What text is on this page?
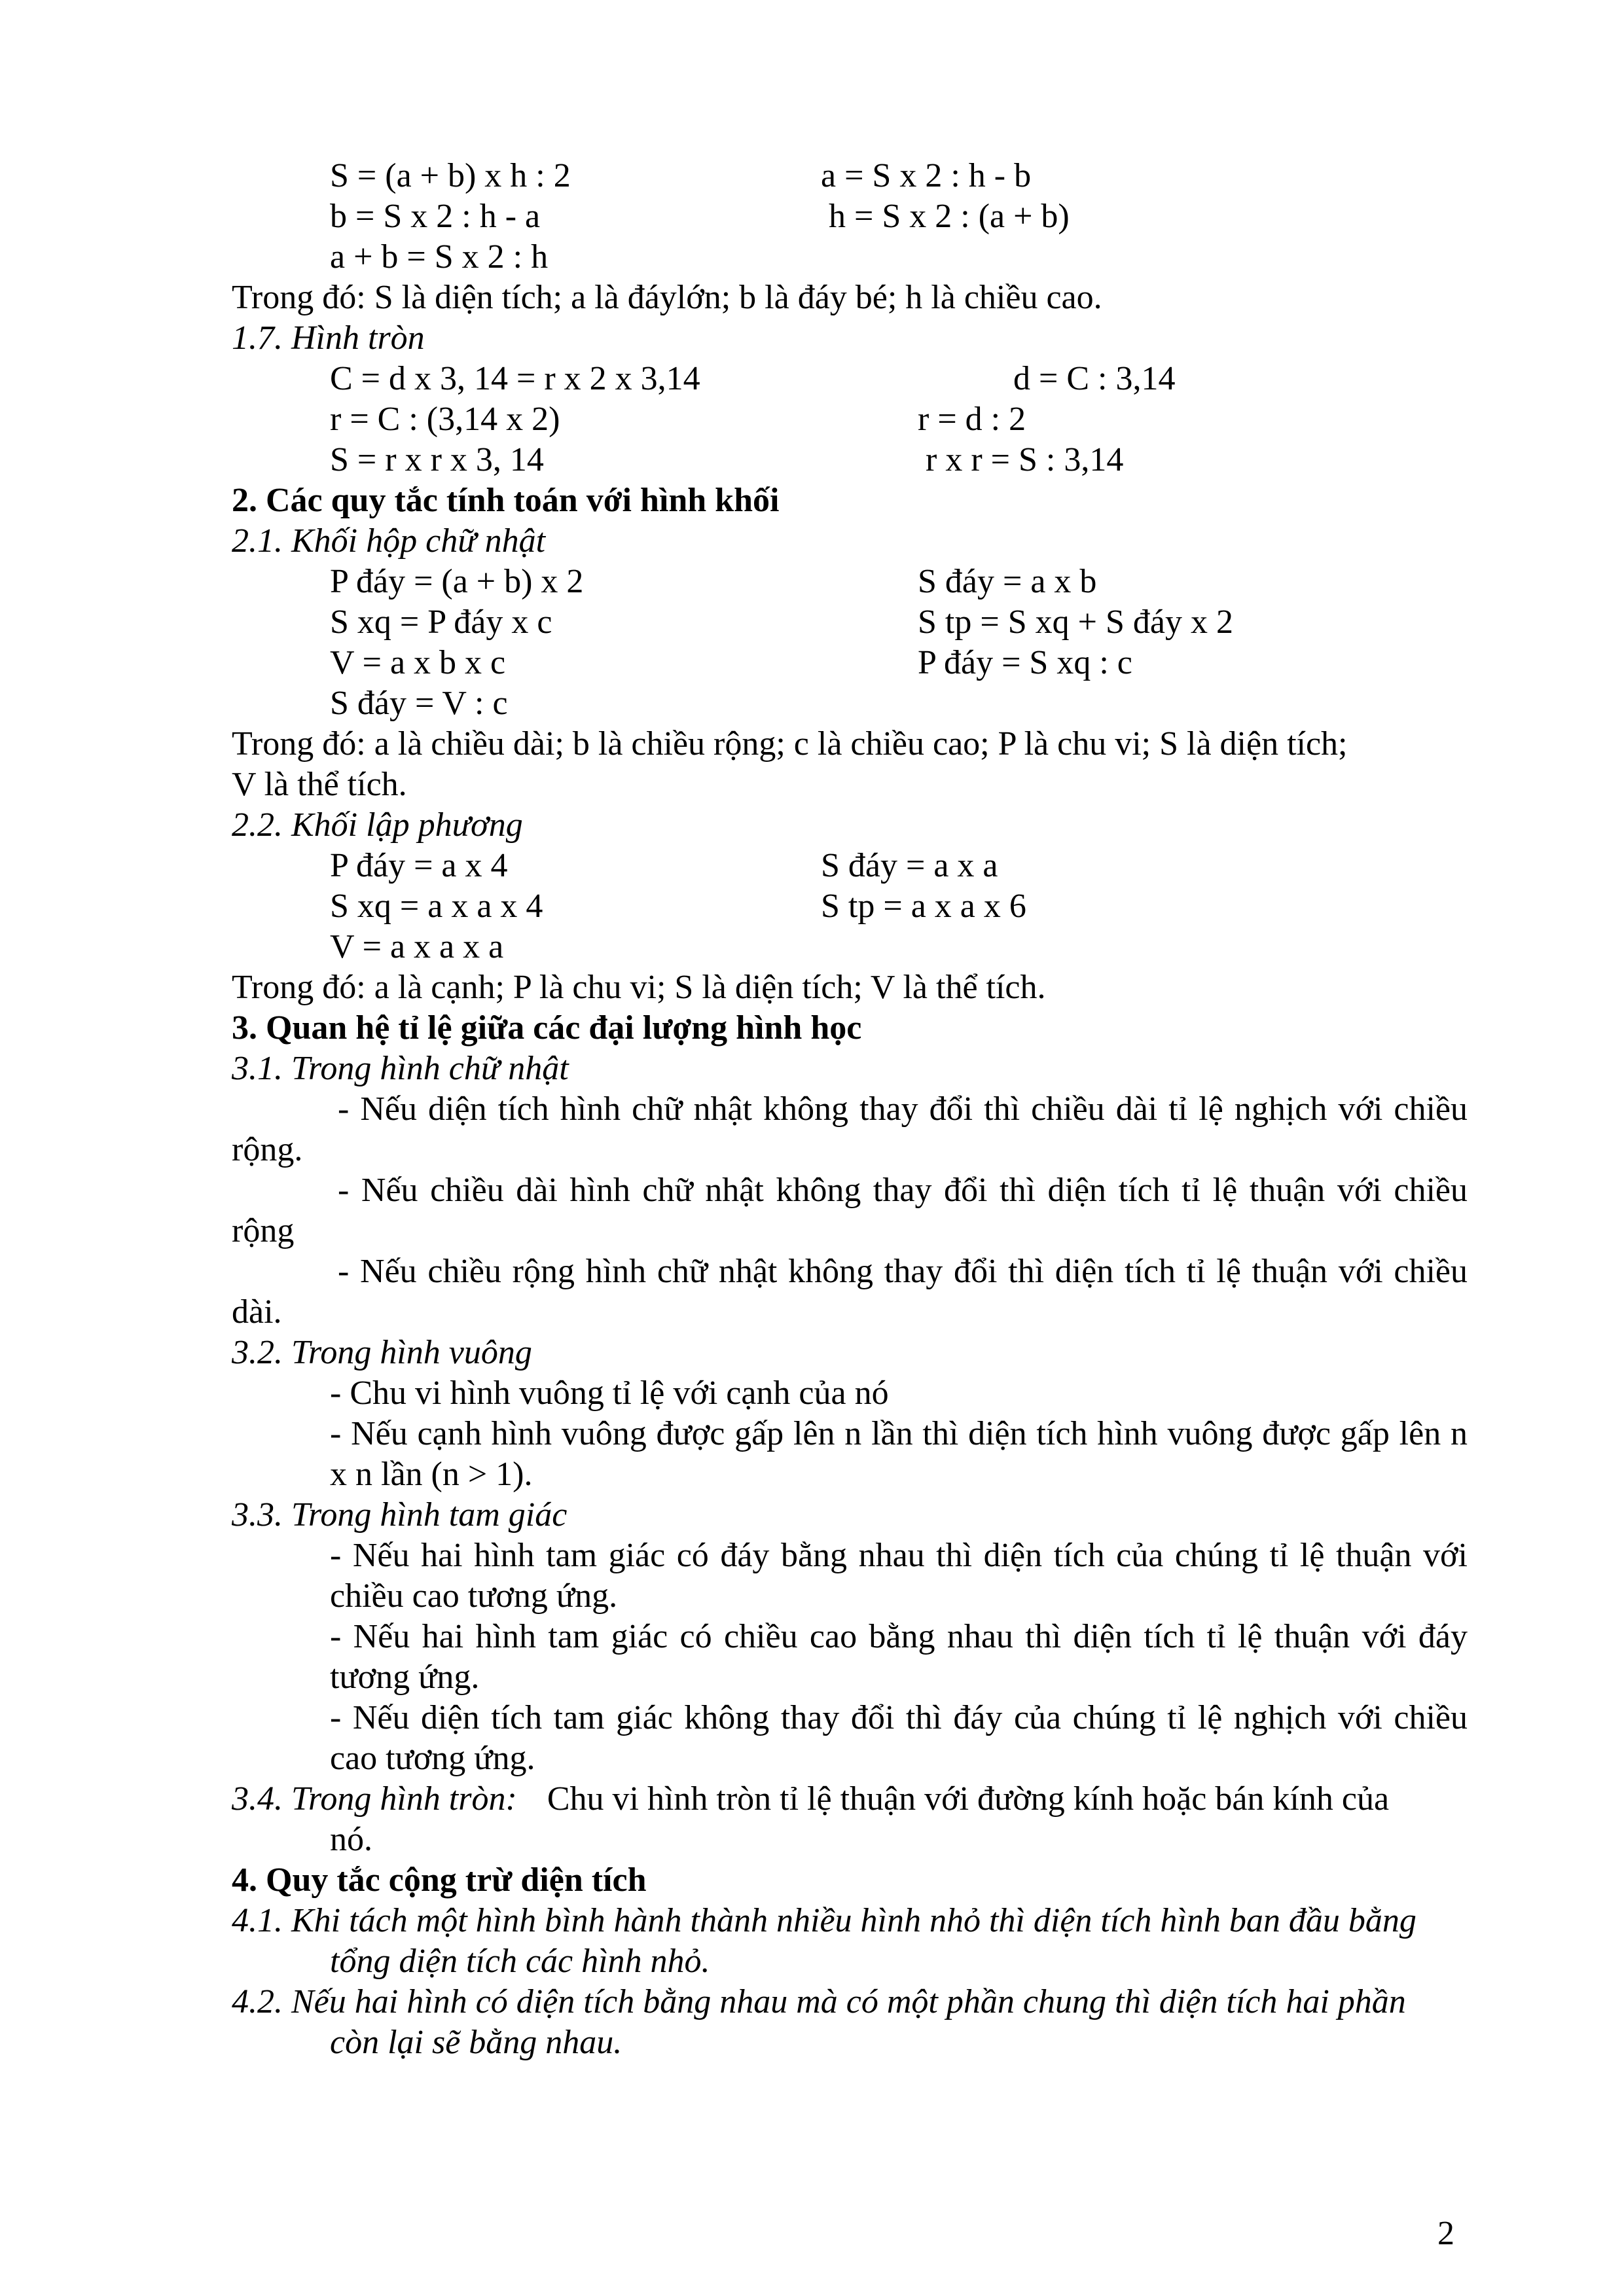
S = (a + b) x h : 2	a = S x 2 : h - b
b = S x 2 : h - a	h = S x 2 : (a + b)
a + b = S x 2 : h
Trong đó: S là diện tích; a là đáylớn; b là đáy bé; h là chiều cao.
1.7. Hình tròn
C = d x 3, 14 = r x 2 x 3,14	d = C : 3,14
r = C : (3,14 x 2)	r = d : 2
S = r x r x 3, 14	r x r = S : 3,14
2. Các quy tắc tính toán với hình khối
2.1. Khối hộp chữ nhật
P đáy = (a + b) x 2	S đáy = a x b
S xq = P đáy x c	S tp = S xq + S đáy x 2
V = a x b x c	P đáy = S xq : c
S đáy = V : c
Trong đó: a là chiều dài; b là chiều rộng; c là chiều cao; P là chu vi; S là diện tích;
V là thể tích.
2.2. Khối lập phương
P đáy = a x 4	S đáy = a x a
S xq = a x a x 4	S tp = a x a x 6
V = a x a x a
Trong đó: a là cạnh; P là chu vi; S là diện tích; V là thể tích.
3. Quan hệ tỉ lệ giữa các đại lượng hình học
3.1. Trong hình chữ nhật
3.2. Trong hình vuông
- Chu vi hình vuông tỉ lệ với cạnh của nó
3.3. Trong hình tam giác
3.4. Trong hình tròn: Chu vi hình tròn tỉ lệ thuận với đường kính hoặc bán kính của
nó.
4. Quy tắc cộng trừ diện tích
4.1. Khi tách một hình bình hành thành nhiều hình nhỏ thì diện tích hình ban đầu bằng
tổng diện tích các hình nhỏ.
4.2. Nếu hai hình có diện tích bằng nhau mà có một phần chung thì diện tích hai phần
còn lại sẽ bằng nhau.
2
- Nếu diện tích hình chữ nhật không thay đổi thì chiều dài tỉ lệ nghịch với chiều rộng.
- Nếu chiều dài hình chữ nhật không thay đổi thì diện tích tỉ lệ thuận với chiều rộng
- Nếu chiều rộng hình chữ nhật không thay đổi thì diện tích tỉ lệ thuận với chiều dài.
- Nếu cạnh hình vuông được gấp lên n lần thì diện tích hình vuông được gấp lên n x n lần (n > 1).
- Nếu hai hình tam giác có đáy bằng nhau thì diện tích của chúng tỉ lệ thuận với chiều cao tương ứng.
- Nếu hai hình tam giác có chiều cao bằng nhau thì diện tích tỉ lệ thuận với đáy tương ứng.
- Nếu diện tích tam giác không thay đổi thì đáy của chúng tỉ lệ nghịch với chiều cao tương ứng.
